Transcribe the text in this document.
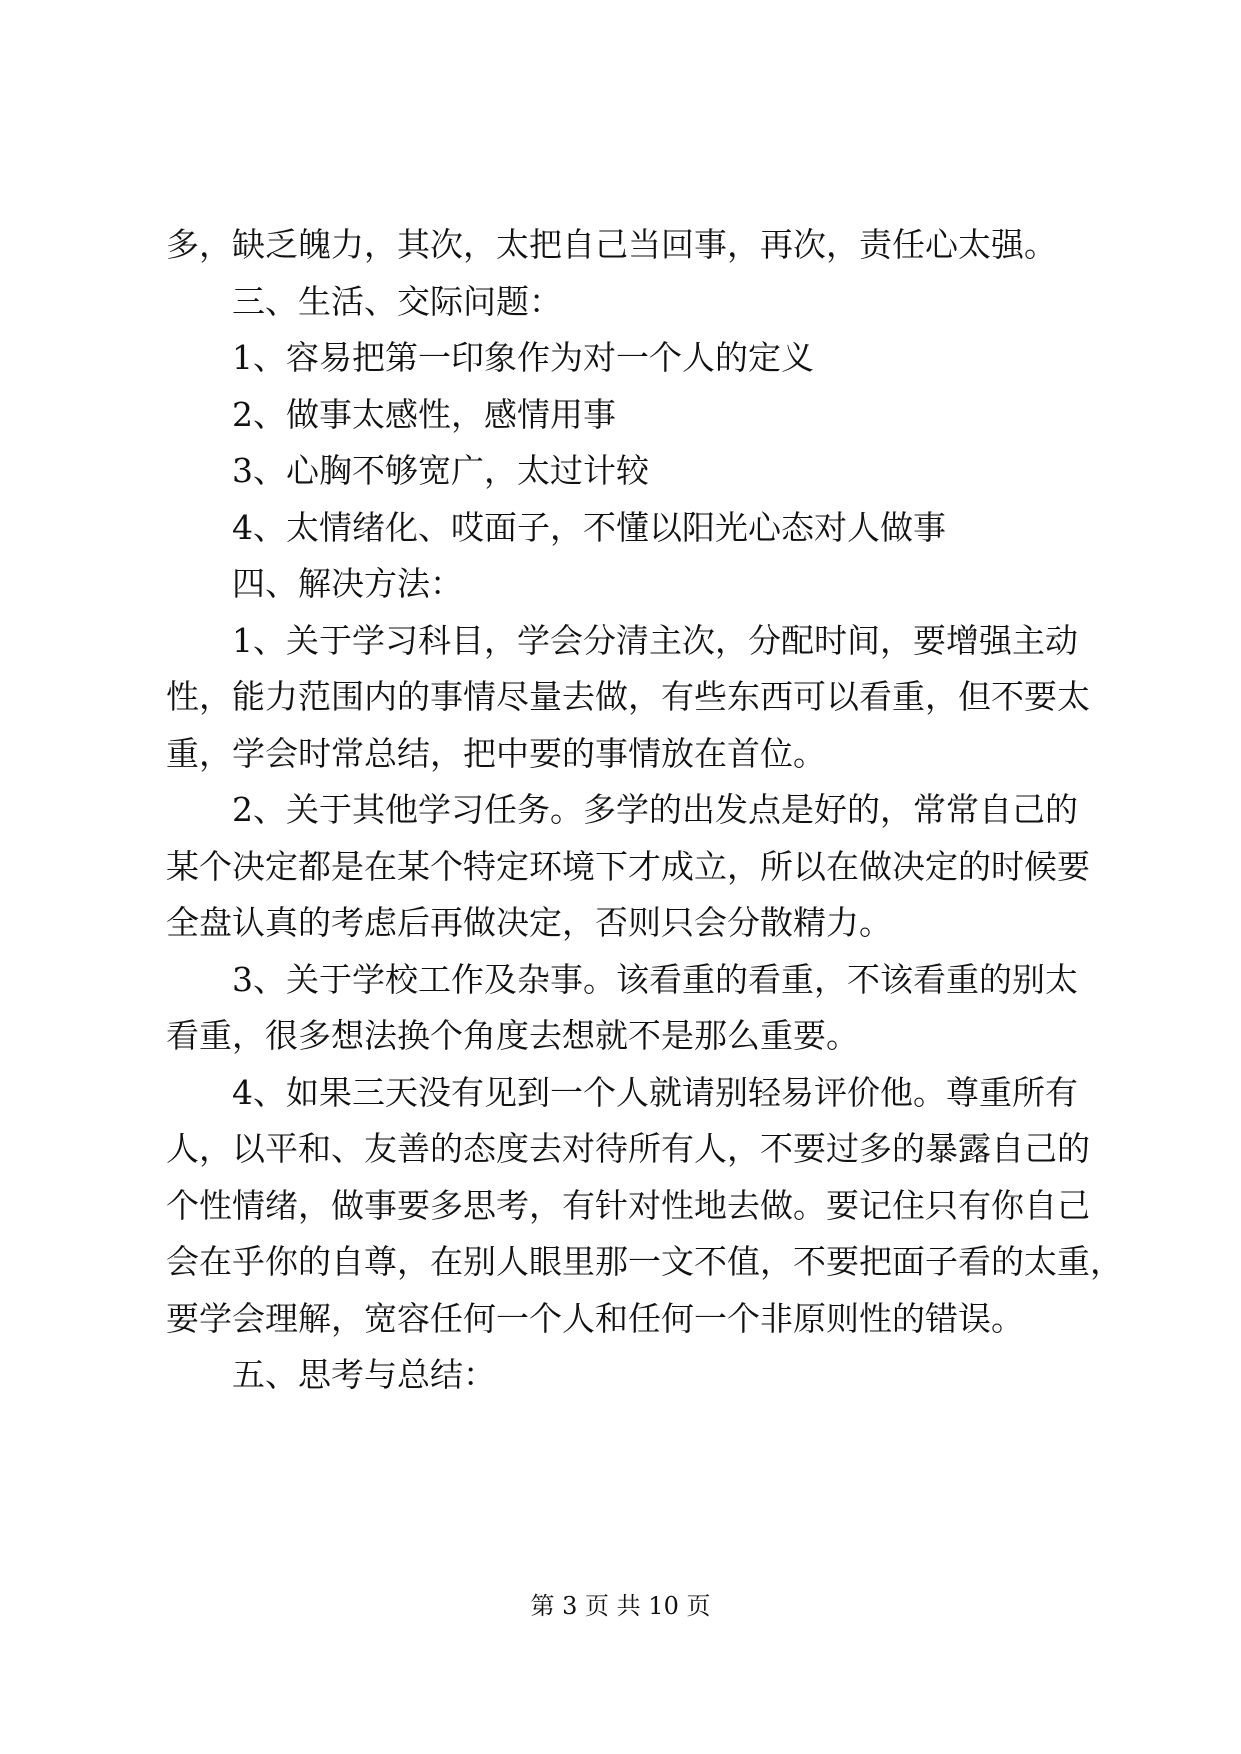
多，缺乏魄力，其次，太把自己当回事，再次，责任心太强。
三、生活、交际问题：
1、容易把第一印象作为对一个人的定义
2、做事太感性，感情用事
3、心胸不够宽广，太过计较
4、太情绪化、哎面子，不懂以阳光心态对人做事
四、解决方法：
1、关于学习科目，学会分清主次，分配时间，要增强主动
性，能力范围内的事情尽量去做，有些东西可以看重，但不要太
重，学会时常总结，把中要的事情放在首位。
2、关于其他学习任务。多学的出发点是好的，常常自己的
某个决定都是在某个特定环境下才成立，所以在做决定的时候要
全盘认真的考虑后再做决定，否则只会分散精力。
3、关于学校工作及杂事。该看重的看重，不该看重的别太
看重，很多想法换个角度去想就不是那么重要。
4、如果三天没有见到一个人就请别轻易评价他。尊重所有
人，以平和、友善的态度去对待所有人，不要过多的暴露自己的
个性情绪，做事要多思考，有针对性地去做。要记住只有你自己
会在乎你的自尊，在别人眼里那一文不值，不要把面子看的太重，
要学会理解，宽容任何一个人和任何一个非原则性的错误。
五、思考与总结：
第 3 页 共 10 页
